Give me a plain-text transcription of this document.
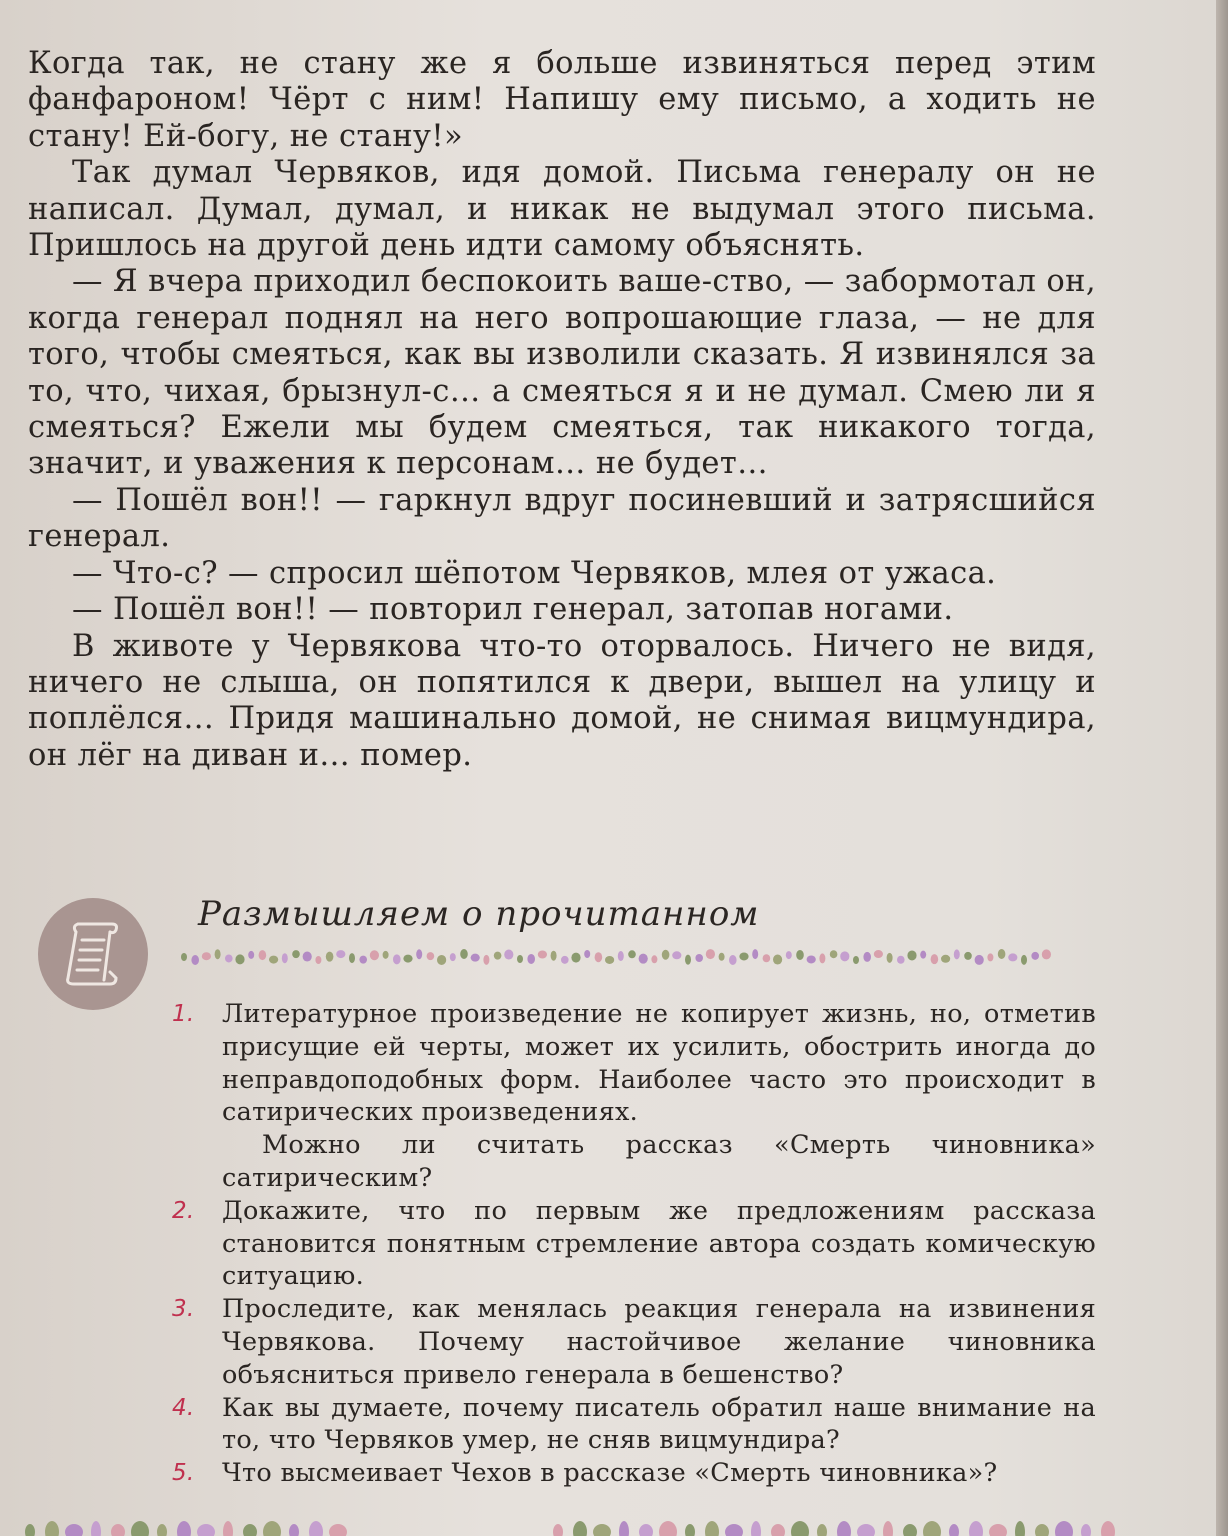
Когда так, не стану же я больше извиняться перед этим фанфароном! Чёрт с ним! Напишу ему письмо, а ходить не стану! Ей-богу, не стану!»

Так думал Червяков, идя домой. Письма генералу он не написал. Думал, думал, и никак не выдумал этого письма. Пришлось на другой день идти самому объяснять.

— Я вчера приходил беспокоить ваше-ство, — забормотал он, когда генерал поднял на него вопрошающие глаза, — не для того, чтобы смеяться, как вы изволили сказать. Я извинялся за то, что, чихая, брызнул-с… а смеяться я и не думал. Смею ли я смеяться? Ежели мы будем смеяться, так никакого тогда, значит, и уважения к персонам… не будет…

— Пошёл вон!! — гаркнул вдруг посиневший и затрясшийся генерал.

— Что-с? — спросил шёпотом Червяков, млея от ужаса.

— Пошёл вон!! — повторил генерал, затопав ногами.

В животе у Червякова что-то оторвалось. Ничего не видя, ничего не слыша, он попятился к двери, вышел на улицу и поплёлся… Придя машинально домой, не снимая вицмундира, он лёг на диван и… помер.

Размышляем о прочитанном
1.	Литературное произведение не копирует жизнь, но, отметив присущие ей черты, может их усилить, обострить иногда до неправдоподобных форм. Наиболее часто это происходит в сатирических произведениях.

Можно ли считать рассказ «Смерть чиновника» сатирическим?

2.	Докажите, что по первым же предложениям рассказа становится понятным стремление автора создать комическую ситуацию.

3.	Проследите, как менялась реакция генерала на извинения Червякова. Почему настойчивое желание чиновника объясниться привело генерала в бешенство?

4.	Как вы думаете, почему писатель обратил наше внимание на то, что Червяков умер, не сняв вицмундира?

5.	Что высмеивает Чехов в рассказе «Смерть чиновника»?
